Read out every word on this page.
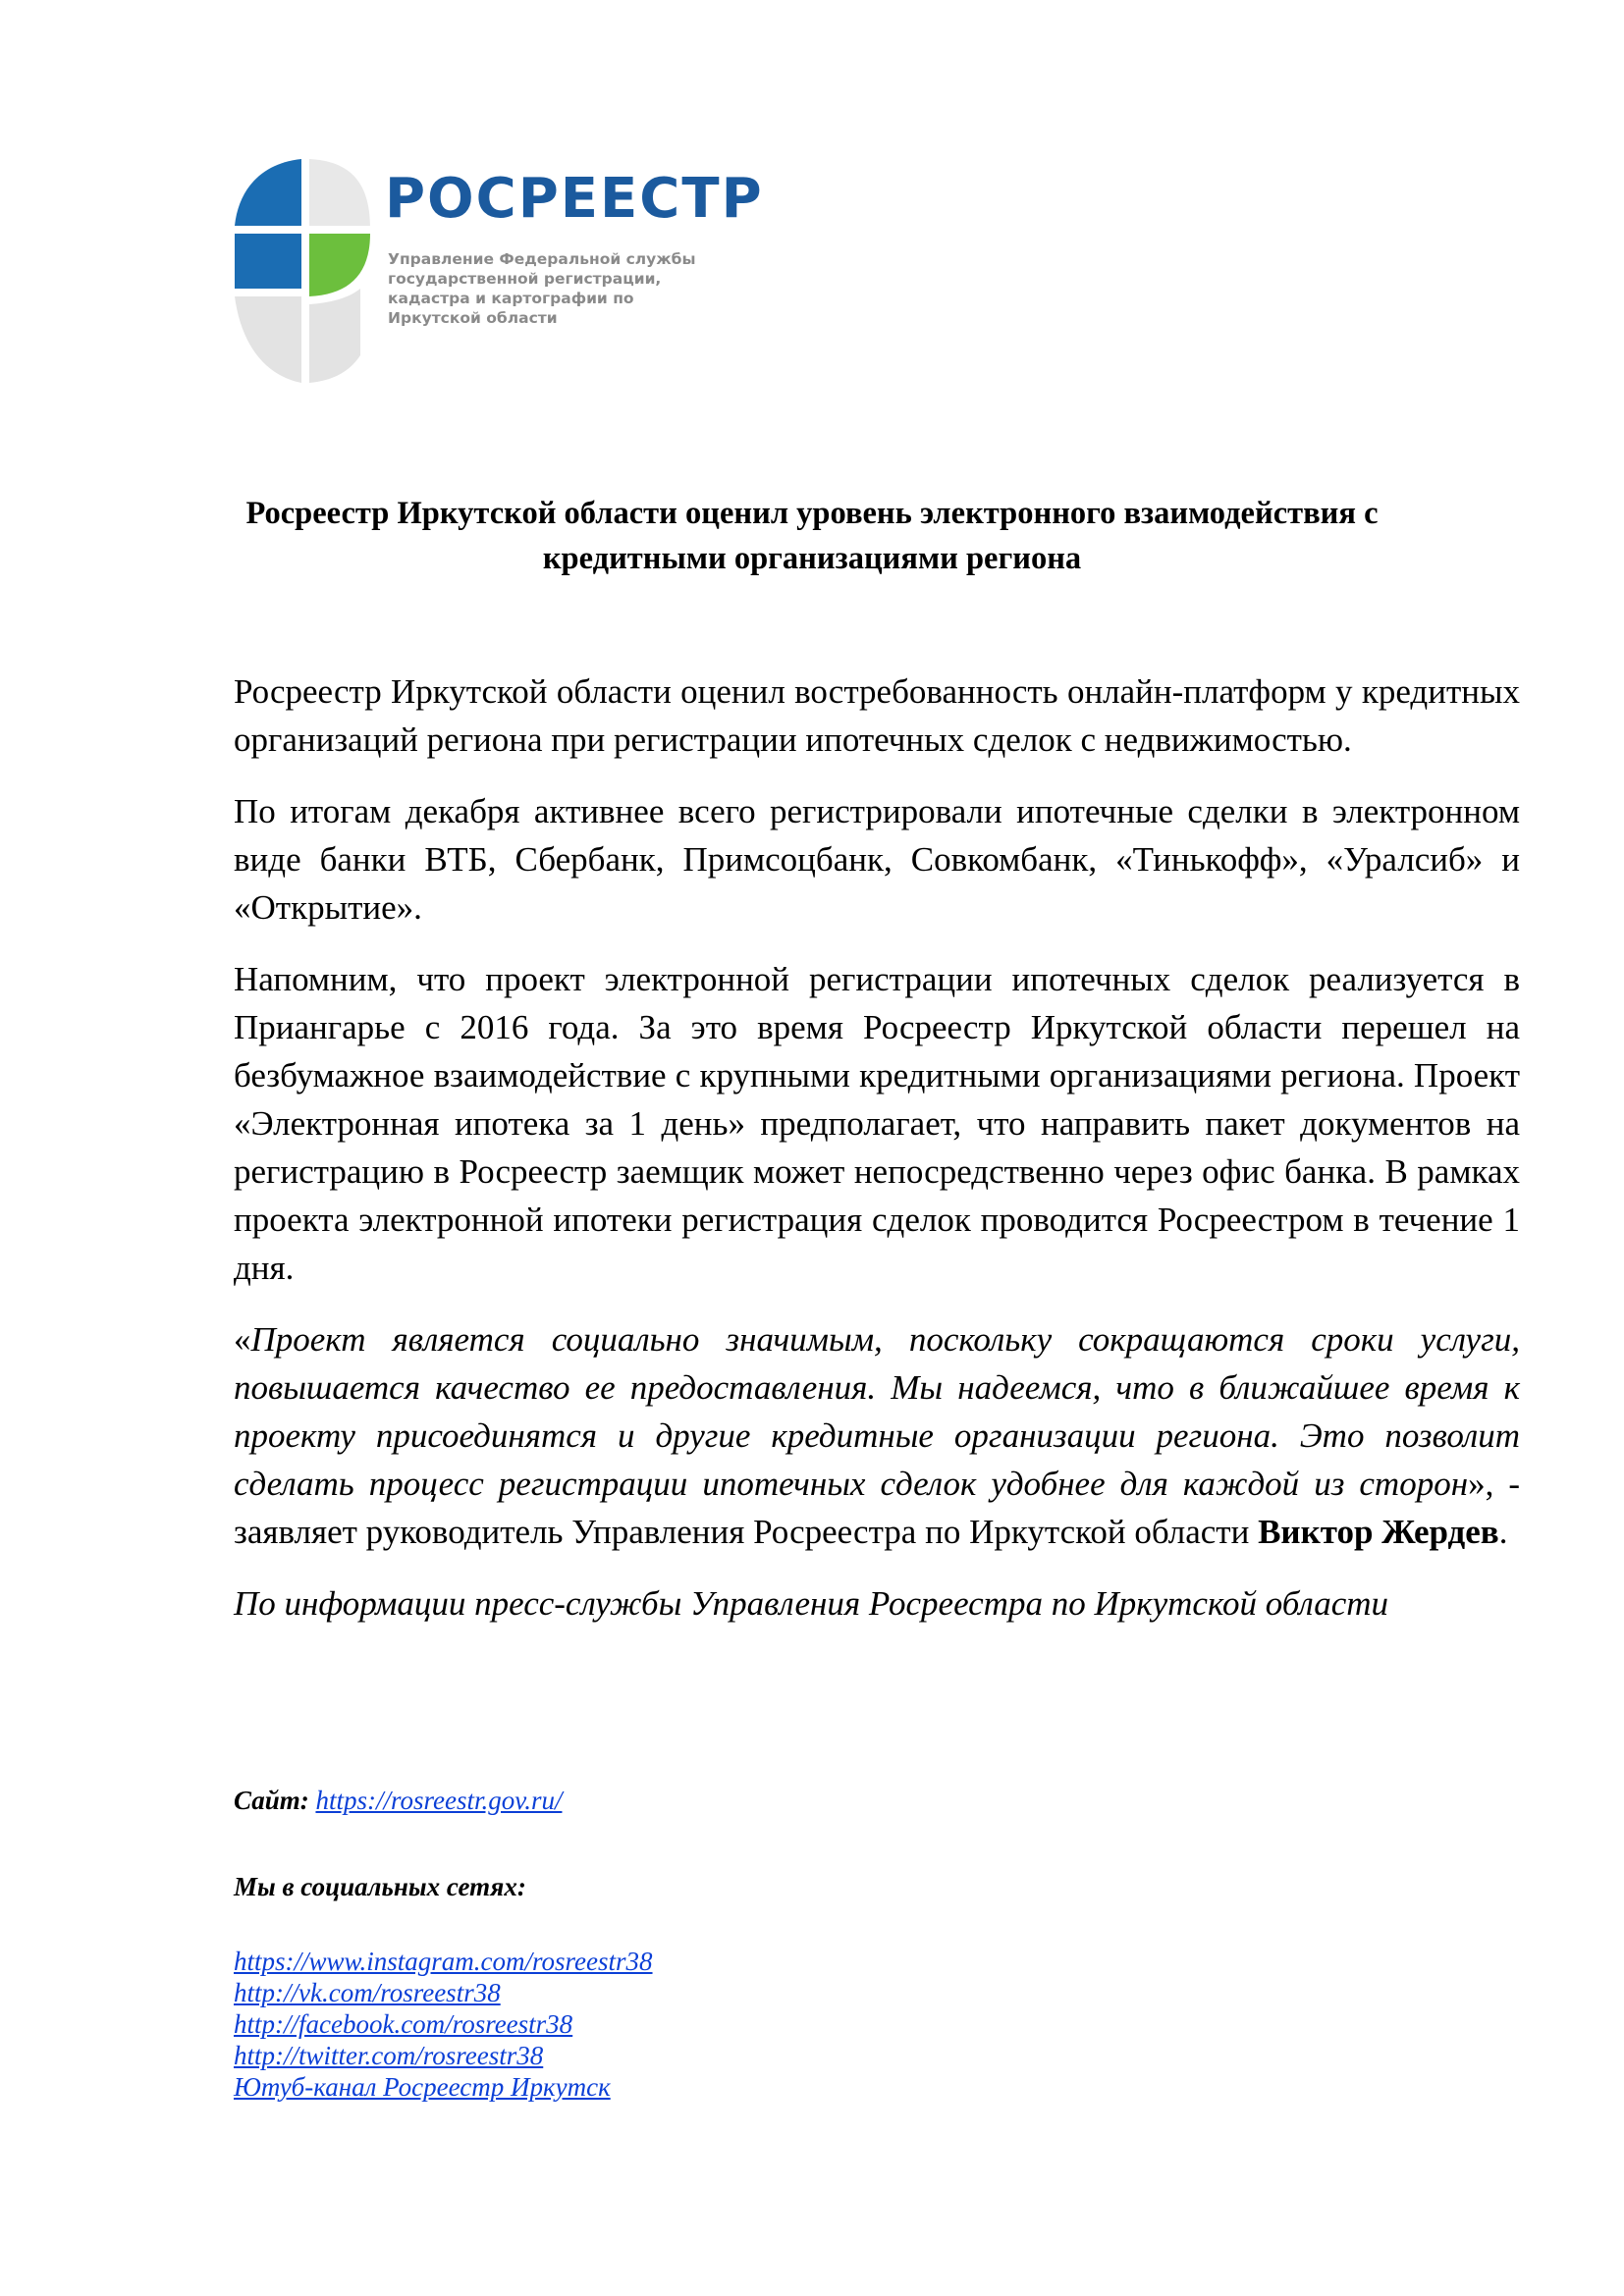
РОСРЕЕСТР
Управление Федеральной службы
государственной регистрации,
кадастра и картографии по
Иркутской области
Росреестр Иркутской области оценил уровень электронного взаимодействия с кредитными организациями региона

Росреестр Иркутской области оценил востребованность онлайн-платформ у кредитных организаций региона при регистрации ипотечных сделок с недвижимостью.

По итогам декабря активнее всего регистрировали ипотечные сделки в электронном виде банки ВТБ, Сбербанк, Примсоцбанк, Совкомбанк, «Тинькофф», «Уралсиб» и «Открытие».

Напомним, что проект электронной регистрации ипотечных сделок реализуется в Приангарье с 2016 года. За это время Росреестр Иркутской области перешел на безбумажное взаимодействие с крупными кредитными организациями региона. Проект «Электронная ипотека за 1 день» предполагает, что направить пакет документов на регистрацию в Росреестр заемщик может непосредственно через офис банка. В рамках проекта электронной ипотеки регистрация сделок проводится Росреестром в течение 1 дня.

«Проект является социально значимым, поскольку сокращаются сроки услуги, повышается качество ее предоставления. Мы надеемся, что в ближайшее время к проекту присоединятся и другие кредитные организации региона. Это позволит сделать процесс регистрации ипотечных сделок удобнее для каждой из сторон», - заявляет руководитель Управления Росреестра по Иркутской области Виктор Жердев.

По информации пресс-службы Управления Росреестра по Иркутской области

Сайт: https://rosreestr.gov.ru/
Мы в социальных сетях:
https://www.instagram.com/rosreestr38
http://vk.com/rosreestr38
http://facebook.com/rosreestr38
http://twitter.com/rosreestr38
Ютуб-канал Росреестр Иркутск
